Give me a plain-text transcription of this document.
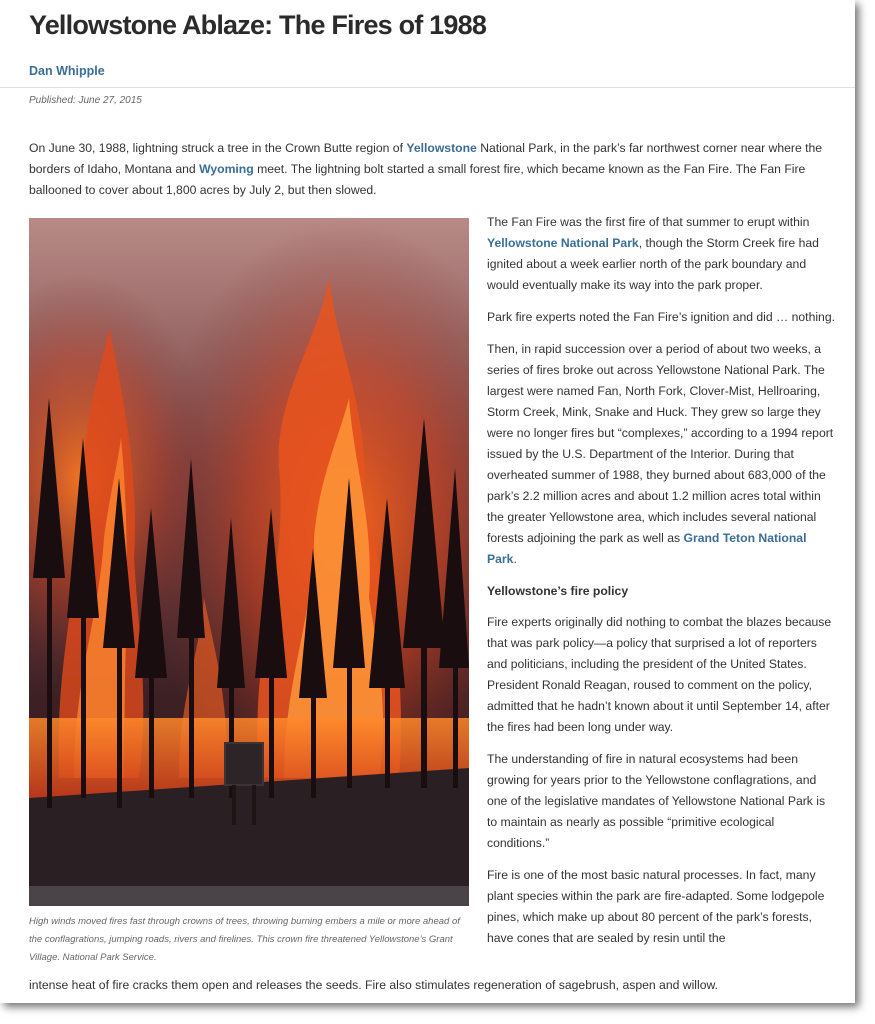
Yellowstone Ablaze: The Fires of 1988
Dan Whipple
Published: June 27, 2015

On June 30, 1988, lightning struck a tree in the Crown Butte region of Yellowstone National Park, in the park’s far northwest corner near where the borders of Idaho, Montana and Wyoming meet. The lightning bolt started a small forest fire, which became known as the Fan Fire. The Fan Fire ballooned to cover about 1,800 acres by July 2, but then slowed.

High winds moved fires fast through crowns of trees, throwing burning embers a mile or more ahead of the conflagrations, jumping roads, rivers and firelines. This crown fire threatened Yellowstone’s Grant Village. National Park Service.

The Fan Fire was the first fire of that summer to erupt within Yellowstone National Park, though the Storm Creek fire had ignited about a week earlier north of the park boundary and would eventually make its way into the park proper.

Park fire experts noted the Fan Fire’s ignition and did … nothing.

Then, in rapid succession over a period of about two weeks, a series of fires broke out across Yellowstone National Park. The largest were named Fan, North Fork, Clover-Mist, Hellroaring, Storm Creek, Mink, Snake and Huck. They grew so large they were no longer fires but “complexes,” according to a 1994 report issued by the U.S. Department of the Interior. During that overheated summer of 1988, they burned about 683,000 of the park’s 2.2 million acres and about 1.2 million acres total within the greater Yellowstone area, which includes several national forests adjoining the park as well as Grand Teton National Park.

Yellowstone’s fire policy

Fire experts originally did nothing to combat the blazes because that was park policy—a policy that surprised a lot of reporters and politicians, including the president of the United States. President Ronald Reagan, roused to comment on the policy, admitted that he hadn’t known about it until September 14, after the fires had been long under way.

The understanding of fire in natural ecosystems had been growing for years prior to the Yellowstone conflagrations, and one of the legislative mandates of Yellowstone National Park is to maintain as nearly as possible “primitive ecological conditions.”

Fire is one of the most basic natural processes. In fact, many plant species within the park are fire-adapted. Some lodgepole pines, which make up about 80 percent of the park’s forests, have cones that are sealed by resin until the

intense heat of fire cracks them open and releases the seeds. Fire also stimulates regeneration of sagebrush, aspen and willow.
